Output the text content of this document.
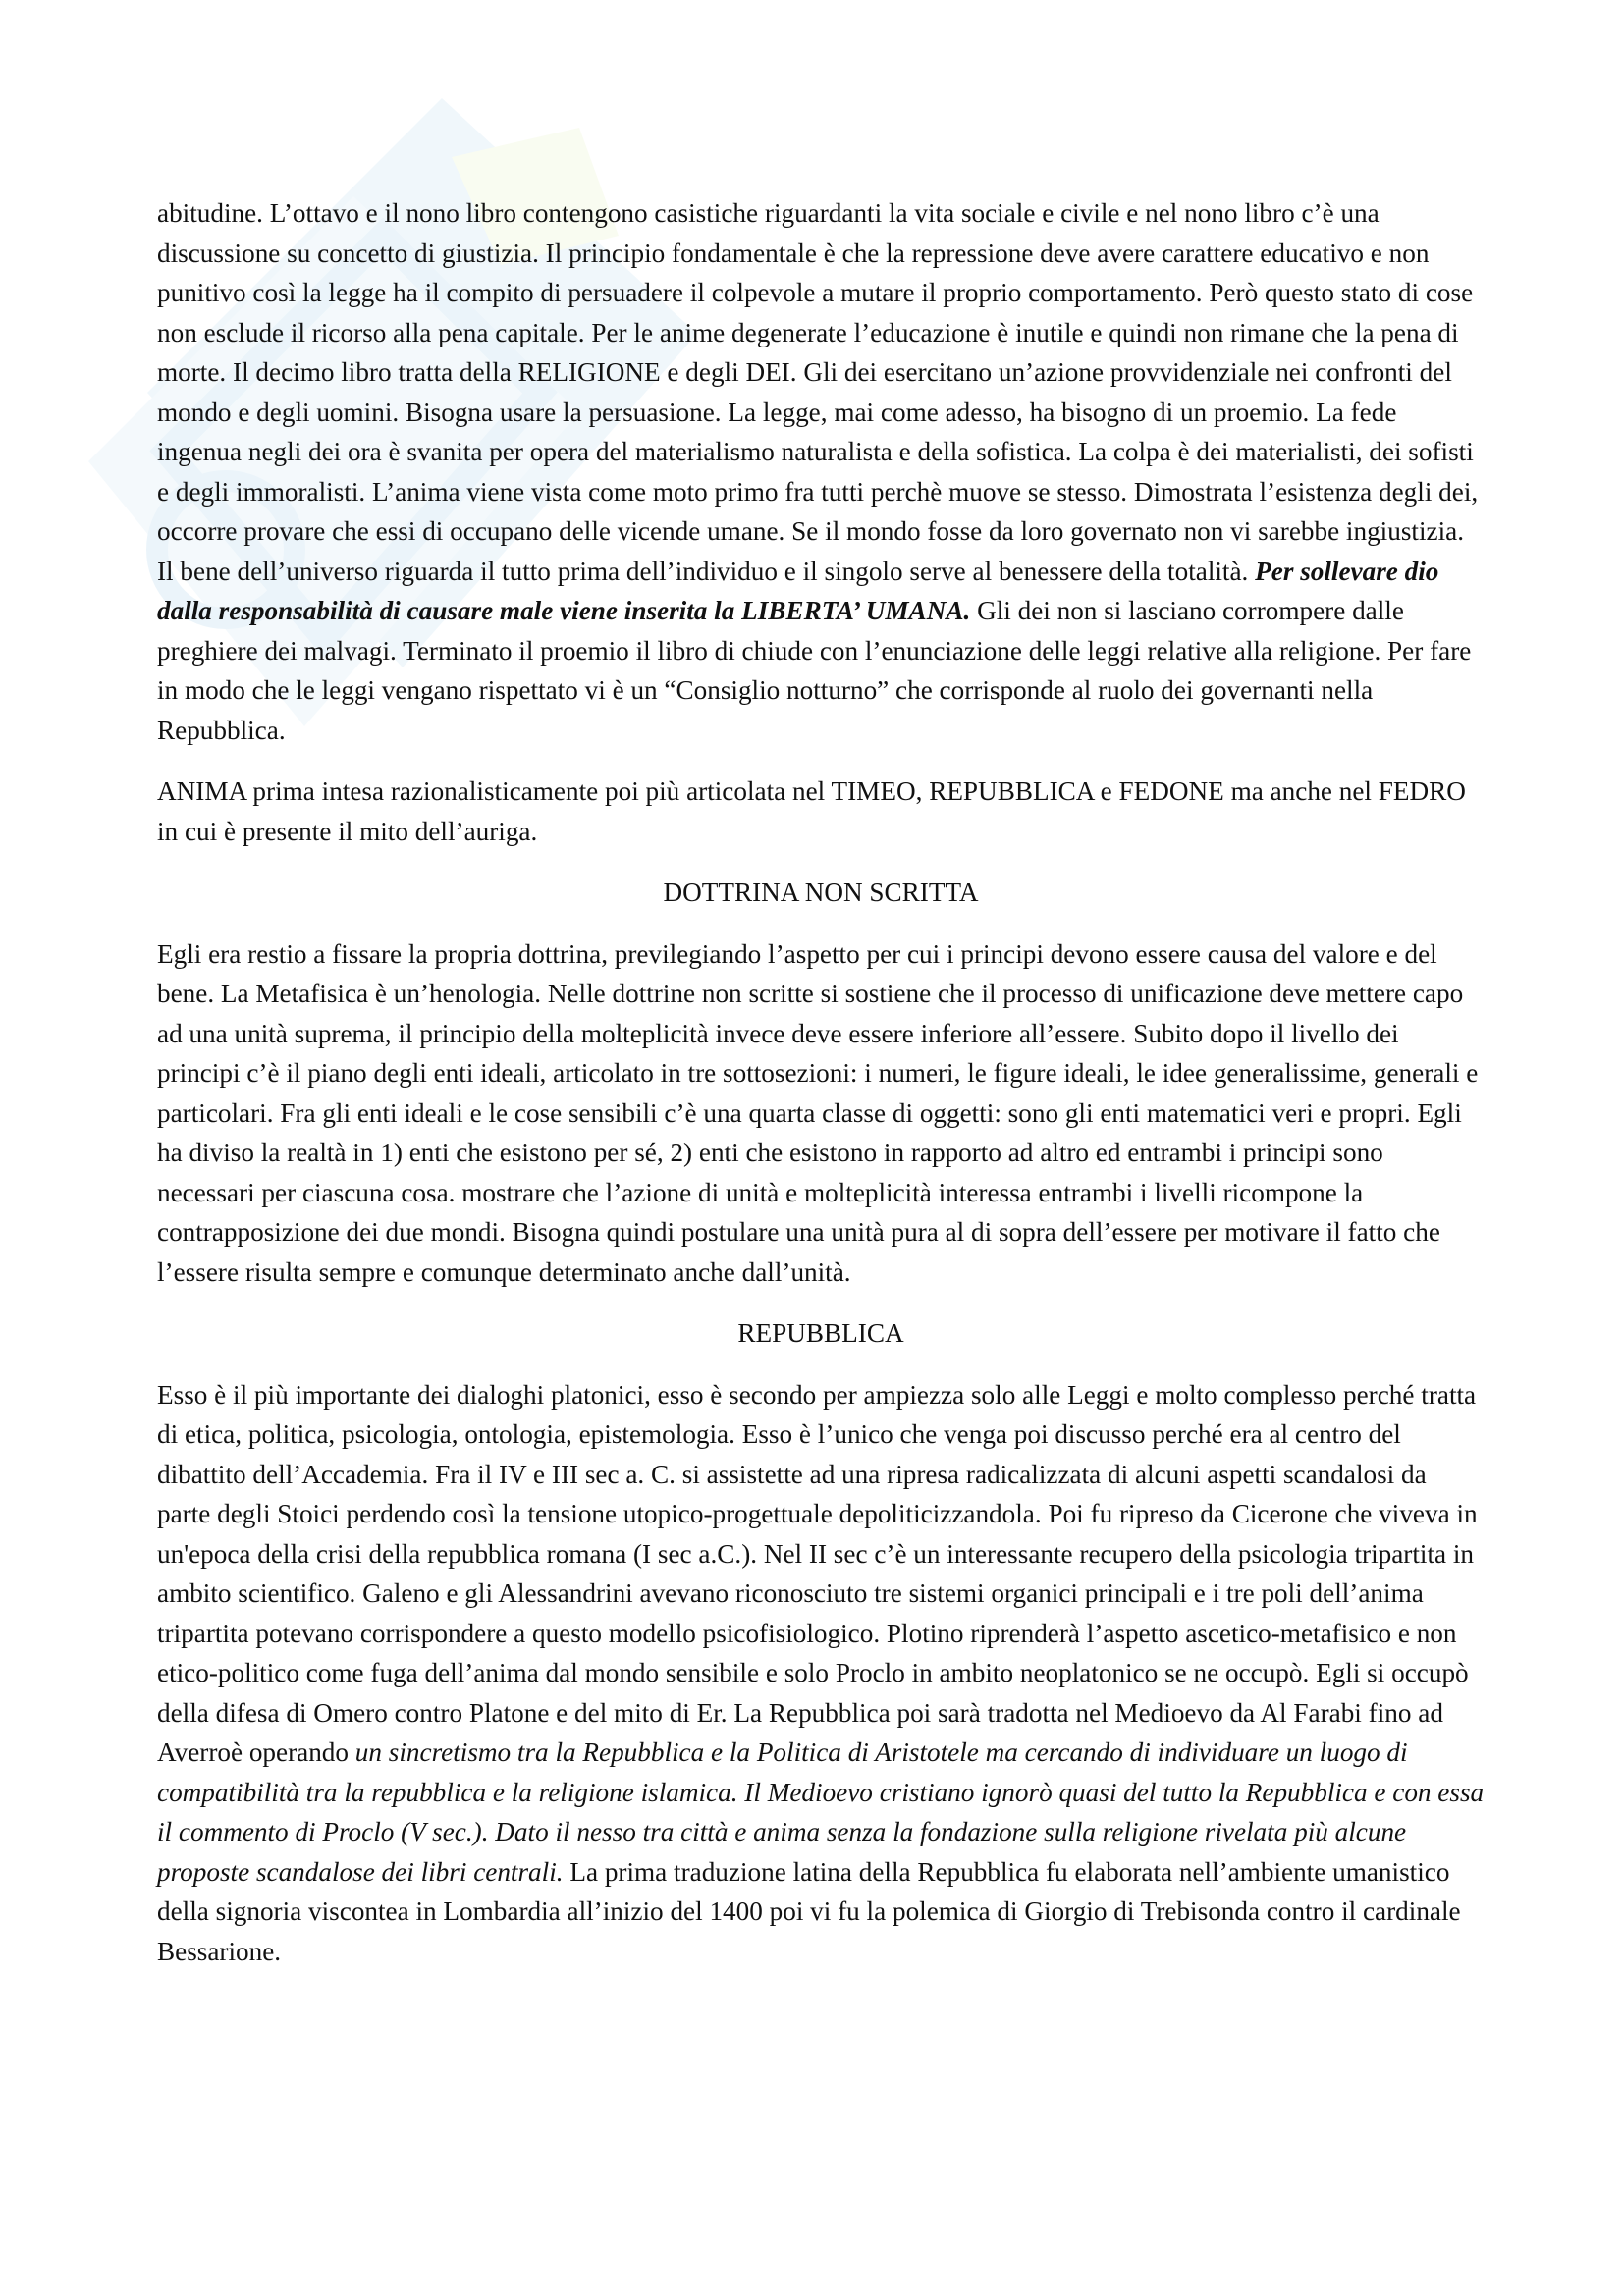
abitudine. L’ottavo e il nono libro contengono casistiche riguardanti la vita sociale e civile e nel nono libro c’è una discussione su concetto di giustizia. Il principio fondamentale è che la repressione deve avere carattere educativo e non punitivo così la legge ha il compito di persuadere il colpevole a mutare il proprio comportamento. Però questo stato di cose non esclude il ricorso alla pena capitale. Per le anime degenerate l’educazione è inutile e quindi non rimane che la pena di morte. Il decimo libro tratta della RELIGIONE e degli DEI. Gli dei esercitano un’azione provvidenziale nei confronti del mondo e degli uomini. Bisogna usare la persuasione. La legge, mai come adesso, ha bisogno di un proemio. La fede ingenua negli dei ora è svanita per opera del materialismo naturalista e della sofistica. La colpa è dei materialisti, dei sofisti e degli immoralisti. L’anima viene vista come moto primo fra tutti perchè muove se stesso. Dimostrata l’esistenza degli dei, occorre provare che essi di occupano delle vicende umane. Se il mondo fosse da loro governato non vi sarebbe ingiustizia. Il bene dell’universo riguarda il tutto prima dell’individuo e il singolo serve al benessere della totalità. Per sollevare dio dalla responsabilità di causare male viene inserita la LIBERTA’ UMANA. Gli dei non si lasciano corrompere dalle preghiere dei malvagi. Terminato il proemio il libro di chiude con l’enunciazione delle leggi relative alla religione. Per fare in modo che le leggi vengano rispettato vi è un “Consiglio notturno” che corrisponde al ruolo dei governanti nella Repubblica.

ANIMA prima intesa razionalisticamente poi più articolata nel TIMEO, REPUBBLICA e FEDONE ma anche nel FEDRO in cui è presente il mito dell’auriga.

DOTTRINA NON SCRITTA

Egli era restio a fissare la propria dottrina, previlegiando l’aspetto per cui i principi devono essere causa del valore e del bene. La Metafisica è un’henologia. Nelle dottrine non scritte si sostiene che il processo di unificazione deve mettere capo ad una unità suprema, il principio della molteplicità invece deve essere inferiore all’essere. Subito dopo il livello dei principi c’è il piano degli enti ideali, articolato in tre sottosezioni: i numeri, le figure ideali, le idee generalissime, generali e particolari. Fra gli enti ideali e le cose sensibili c’è una quarta classe di oggetti: sono gli enti matematici veri e propri. Egli ha diviso la realtà in 1) enti che esistono per sé, 2) enti che esistono in rapporto ad altro ed entrambi i principi sono necessari per ciascuna cosa. mostrare che l’azione di unità e molteplicità interessa entrambi i livelli ricompone la contrapposizione dei due mondi. Bisogna quindi postulare una unità pura al di sopra dell’essere per motivare il fatto che l’essere risulta sempre e comunque determinato anche dall’unità.

REPUBBLICA

Esso è il più importante dei dialoghi platonici, esso è secondo per ampiezza solo alle Leggi e molto complesso perché tratta di etica, politica, psicologia, ontologia, epistemologia. Esso è l’unico che venga poi discusso perché era al centro del dibattito dell’Accademia. Fra il IV e III sec a. C. si assistette ad una ripresa radicalizzata di alcuni aspetti scandalosi da parte degli Stoici perdendo così la tensione utopico-progettuale depoliticizzandola. Poi fu ripreso da Cicerone che viveva in un'epoca della crisi della repubblica romana (I sec a.C.). Nel II sec c’è un interessante recupero della psicologia tripartita in ambito scientifico. Galeno e gli Alessandrini avevano riconosciuto tre sistemi organici principali e i tre poli dell’anima tripartita potevano corrispondere a questo modello psicofisiologico. Plotino riprenderà l’aspetto ascetico-metafisico e non etico-politico come fuga dell’anima dal mondo sensibile e solo Proclo in ambito neoplatonico se ne occupò. Egli si occupò della difesa di Omero contro Platone e del mito di Er. La Repubblica poi sarà tradotta nel Medioevo da Al Farabi fino ad Averroè operando un sincretismo tra la Repubblica e la Politica di Aristotele ma cercando di individuare un luogo di compatibilità tra la repubblica e la religione islamica. Il Medioevo cristiano ignorò quasi del tutto la Repubblica e con essa il commento di Proclo (V sec.). Dato il nesso tra città e anima senza la fondazione sulla religione rivelata più alcune proposte scandalose dei libri centrali. La prima traduzione latina della Repubblica fu elaborata nell’ambiente umanistico della signoria viscontea in Lombardia all’inizio del 1400 poi vi fu la polemica di Giorgio di Trebisonda contro il cardinale Bessarione.
